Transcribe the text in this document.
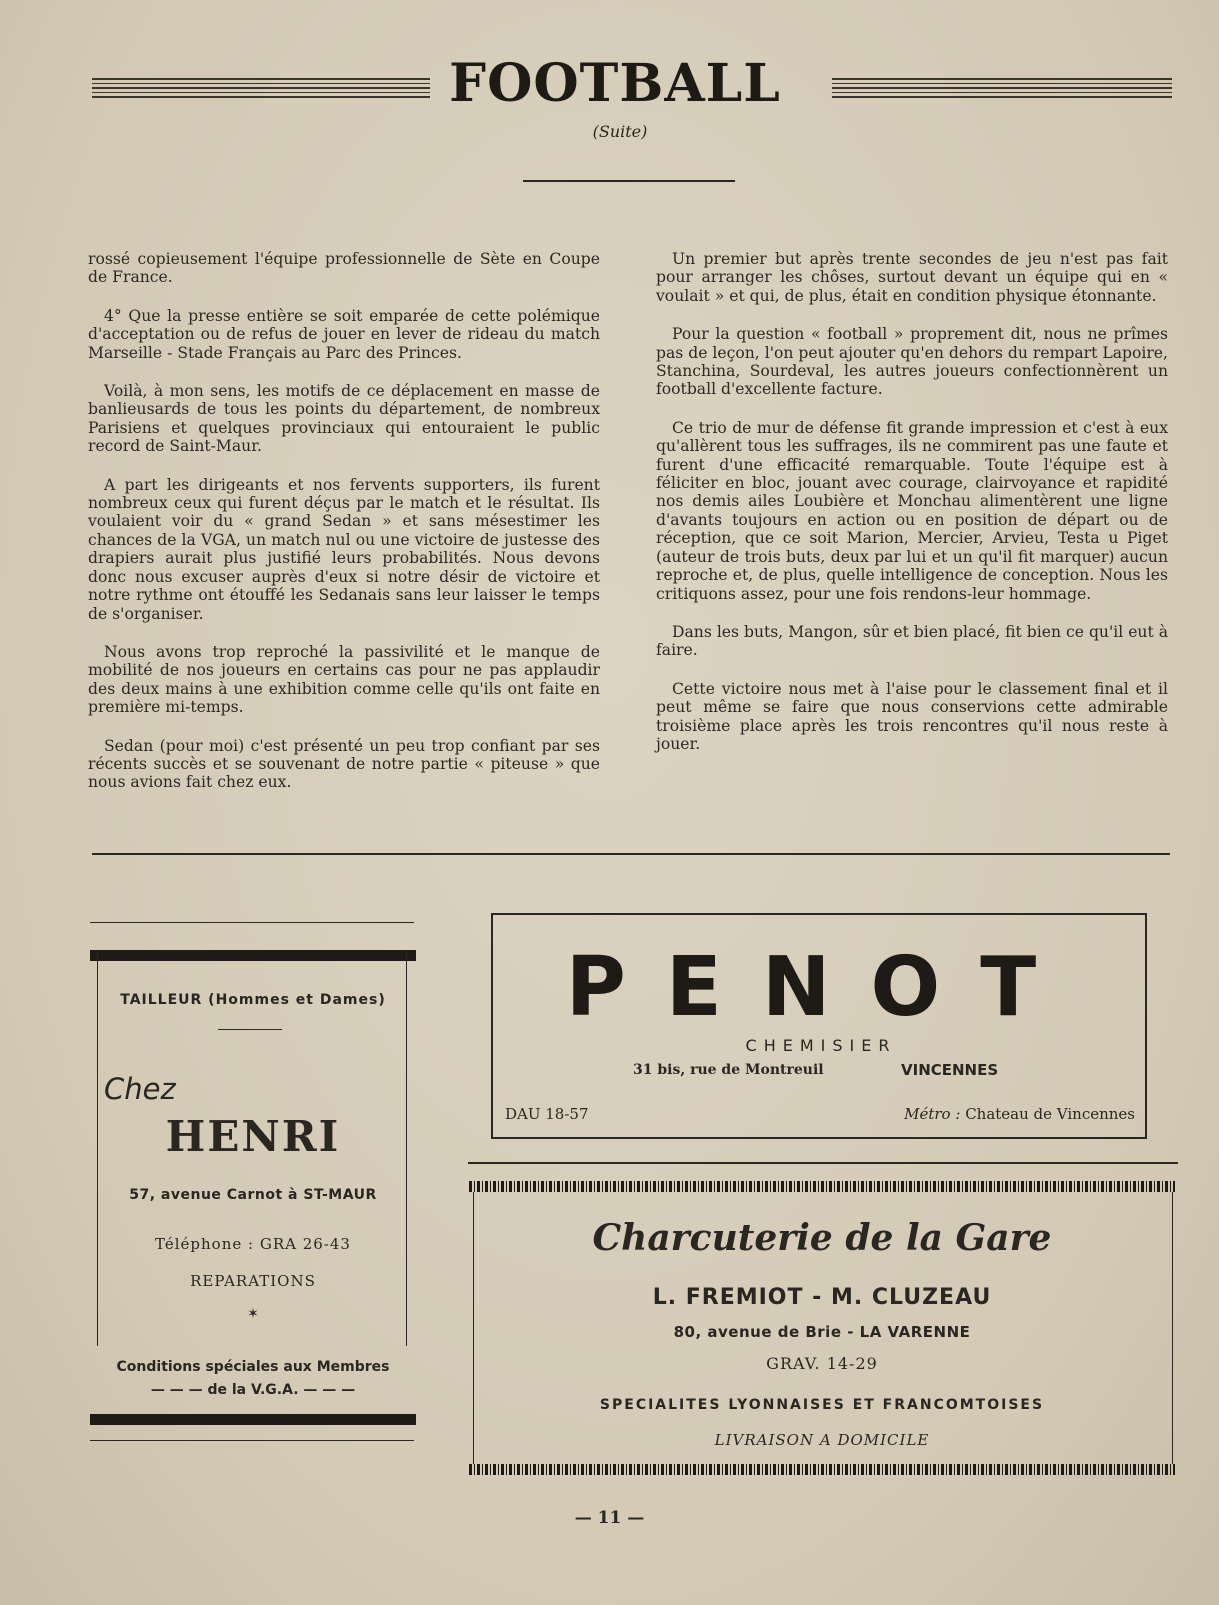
FOOTBALL
(Suite)

rossé copieusement l'équipe professionnelle de Sète en Coupe de France.

4° Que la presse entière se soit emparée de cette polémique d'acceptation ou de refus de jouer en lever de rideau du match Marseille - Stade Français au Parc des Princes.

Voilà, à mon sens, les motifs de ce déplacement en masse de banlieusards de tous les points du département, de nombreux Parisiens et quelques provinciaux qui entouraient le public record de Saint-Maur.

A part les dirigeants et nos fervents supporters, ils furent nombreux ceux qui furent déçus par le match et le résultat. Ils voulaient voir du « grand Sedan » et sans mésestimer les chances de la VGA, un match nul ou une victoire de justesse des drapiers aurait plus justifié leurs probabilités. Nous devons donc nous excuser auprès d'eux si notre désir de victoire et notre rythme ont étouffé les Sedanais sans leur laisser le temps de s'organiser.

Nous avons trop reproché la passivilité et le manque de mobilité de nos joueurs en certains cas pour ne pas applaudir des deux mains à une exhibition comme celle qu'ils ont faite en première mi-temps.

Sedan (pour moi) c'est présenté un peu trop confiant par ses récents succès et se souvenant de notre partie « piteuse » que nous avions fait chez eux.

Un premier but après trente secondes de jeu n'est pas fait pour arranger les chôses, surtout devant un équipe qui en « voulait » et qui, de plus, était en condition physique étonnante.

Pour la question « football » proprement dit, nous ne prîmes pas de leçon, l'on peut ajouter qu'en dehors du rempart Lapoire, Stanchina, Sourdeval, les autres joueurs confectionnèrent un football d'excellente facture.

Ce trio de mur de défense fit grande impression et c'est à eux qu'allèrent tous les suffrages, ils ne commirent pas une faute et furent d'une efficacité remarquable. Toute l'équipe est à féliciter en bloc, jouant avec courage, clairvoyance et rapidité nos demis ailes Loubière et Monchau alimentèrent une ligne d'avants toujours en action ou en position de départ ou de réception, que ce soit Marion, Mercier, Arvieu, Testa u Piget (auteur de trois buts, deux par lui et un qu'il fit marquer) aucun reproche et, de plus, quelle intelligence de conception. Nous les critiquons assez, pour une fois rendons-leur hommage.

Dans les buts, Mangon, sûr et bien placé, fit bien ce qu'il eut à faire.

Cette victoire nous met à l'aise pour le classement final et il peut même se faire que nous conservions cette admirable troisième place après les trois rencontres qu'il nous reste à jouer.

TAILLEUR (Hommes et Dames)
Chez
HENRI
57, avenue Carnot à ST-MAUR
Téléphone : GRA 26-43
REPARATIONS
✶
Conditions spéciales aux Membres
— — — de la V.G.A. — — —
PENOT
CHEMISIER
31 bis, rue de Montreuil	VINCENNES
DAU 18-57	Métro : Chateau de Vincennes
Charcuterie de la Gare
L. FREMIOT - M. CLUZEAU
80, avenue de Brie - LA VARENNE
GRAV. 14-29
SPECIALITES LYONNAISES ET FRANCOMTOISES
LIVRAISON A DOMICILE
— 11 —
